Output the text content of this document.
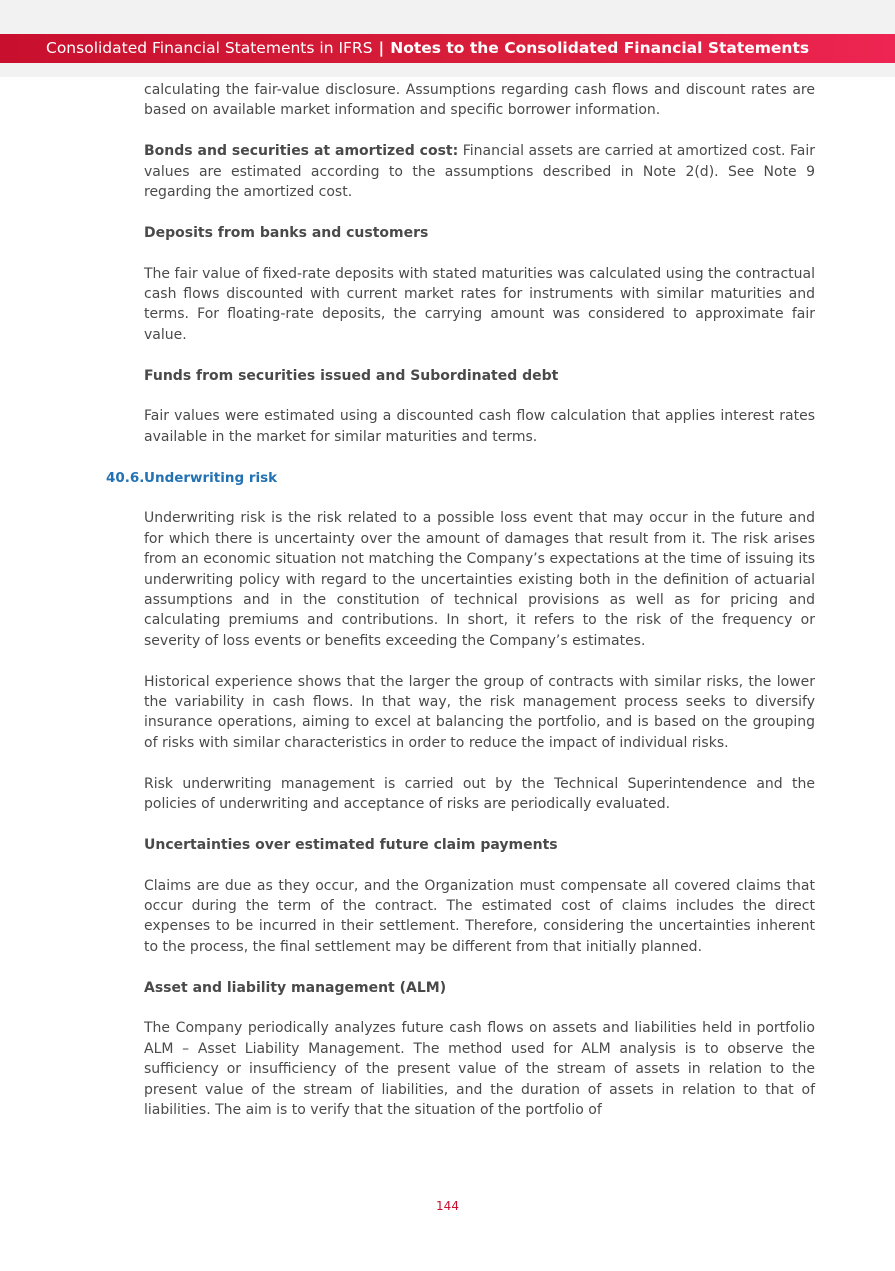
Consolidated Financial Statements in IFRS | Notes to the Consolidated Financial Statements

calculating the fair-value disclosure. Assumptions regarding cash flows and discount rates are based on available market information and specific borrower information.

Bonds and securities at amortized cost: Financial assets are carried at amortized cost. Fair values are estimated according to the assumptions described in Note 2(d). See Note 9 regarding the amortized cost.

Deposits from banks and customers

The fair value of fixed-rate deposits with stated maturities was calculated using the contractual cash flows discounted with current market rates for instruments with similar maturities and terms. For floating-rate deposits, the carrying amount was considered to approximate fair value.

Funds from securities issued and Subordinated debt

Fair values were estimated using a discounted cash flow calculation that applies interest rates available in the market for similar maturities and terms.

40.6. Underwriting risk

Underwriting risk is the risk related to a possible loss event that may occur in the future and for which there is uncertainty over the amount of damages that result from it. The risk arises from an economic situation not matching the Company’s expectations at the time of issuing its underwriting policy with regard to the uncertainties existing both in the definition of actuarial assumptions and in the constitution of technical provisions as well as for pricing and calculating premiums and contributions. In short, it refers to the risk of the frequency or severity of loss events or benefits exceeding the Company’s estimates.

Historical experience shows that the larger the group of contracts with similar risks, the lower the variability in cash flows. In that way, the risk management process seeks to diversify insurance operations, aiming to excel at balancing the portfolio, and is based on the grouping of risks with similar characteristics in order to reduce the impact of individual risks.

Risk underwriting management is carried out by the Technical Superintendence and the policies of underwriting and acceptance of risks are periodically evaluated.

Uncertainties over estimated future claim payments

Claims are due as they occur, and the Organization must compensate all covered claims that occur during the term of the contract. The estimated cost of claims includes the direct expenses to be incurred in their settlement. Therefore, considering the uncertainties inherent to the process, the final settlement may be different from that initially planned.

Asset and liability management (ALM)

The Company periodically analyzes future cash flows on assets and liabilities held in portfolio ALM – Asset Liability Management. The method used for ALM analysis is to observe the sufficiency or insufficiency of the present value of the stream of assets in relation to the present value of the stream of liabilities, and the duration of assets in relation to that of liabilities. The aim is to verify that the situation of the portfolio of

144
